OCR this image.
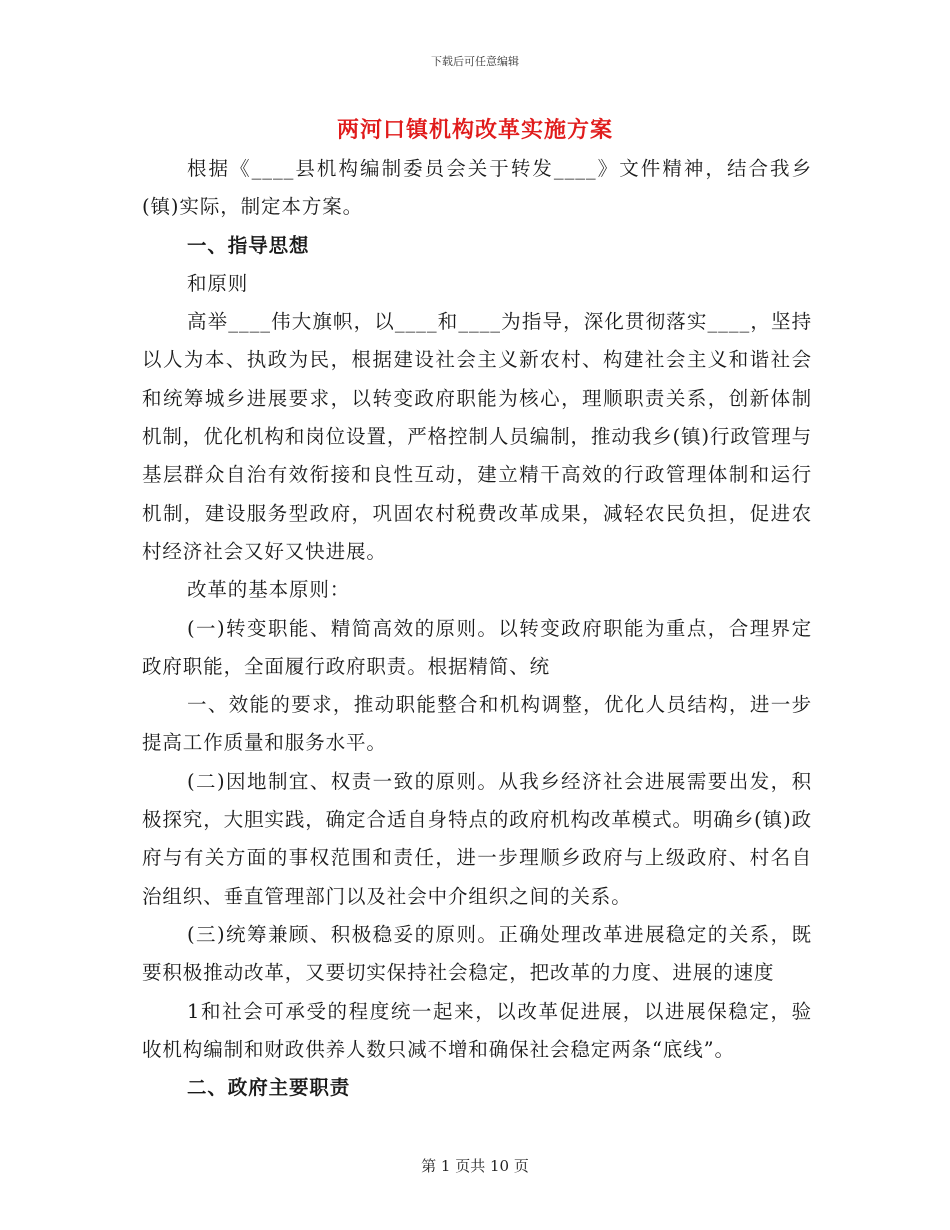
下载后可任意编辑
两河口镇机构改革实施方案

根据《____县机构编制委员会关于转发____》文件精神，结合我乡(镇)实际，制定本方案。

一、指导思想

和原则

高举____伟大旗帜，以____和____为指导，深化贯彻落实____，坚持以人为本、执政为民，根据建设社会主义新农村、构建社会主义和谐社会和统筹城乡进展要求，以转变政府职能为核心，理顺职责关系，创新体制机制，优化机构和岗位设置，严格控制人员编制，推动我乡(镇)行政管理与基层群众自治有效衔接和良性互动，建立精干高效的行政管理体制和运行机制，建设服务型政府，巩固农村税费改革成果，减轻农民负担，促进农村经济社会又好又快进展。

改革的基本原则：

(一)转变职能、精简高效的原则。以转变政府职能为重点，合理界定政府职能，全面履行政府职责。根据精简、统

一、效能的要求，推动职能整合和机构调整，优化人员结构，进一步提高工作质量和服务水平。

(二)因地制宜、权责一致的原则。从我乡经济社会进展需要出发，积极探究，大胆实践，确定合适自身特点的政府机构改革模式。明确乡(镇)政府与有关方面的事权范围和责任，进一步理顺乡政府与上级政府、村名自治组织、垂直管理部门以及社会中介组织之间的关系。

(三)统筹兼顾、积极稳妥的原则。正确处理改革进展稳定的关系，既要积极推动改革，又要切实保持社会稳定，把改革的力度、进展的速度

1和社会可承受的程度统一起来，以改革促进展，以进展保稳定，验收机构编制和财政供养人数只减不增和确保社会稳定两条“底线”。

二、政府主要职责

第 1 页共 10 页
